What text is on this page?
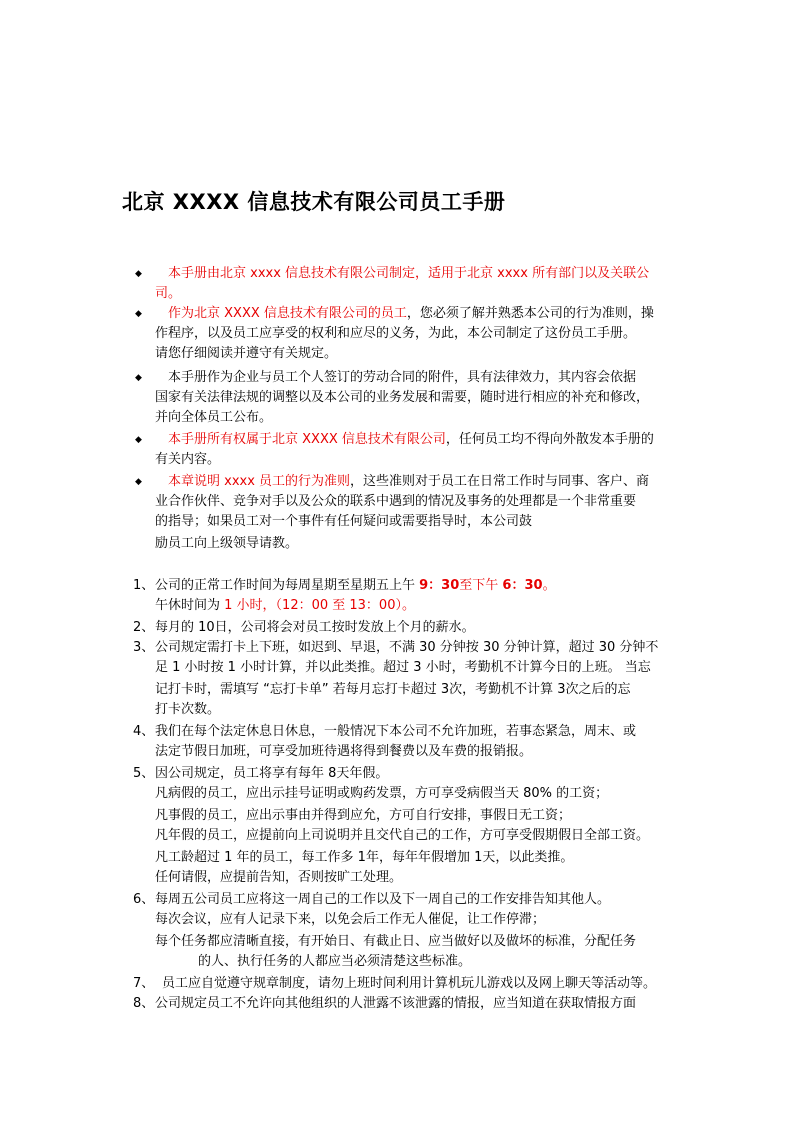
北京 XXXX 信息技术有限公司员工手册
◆ 本手册由北京 xxxx 信息技术有限公司制定，适用于北京 xxxx 所有部门以及关联公
司。
◆ 作为北京 XXXX 信息技术有限公司的员工，您必须了解并熟悉本公司的行为准则，操
作程序，以及员工应享受的权利和应尽的义务，为此，本公司制定了这份员工手册。
请您仔细阅读并遵守有关规定。
◆ 本手册作为企业与员工个人签订的劳动合同的附件，具有法律效力，其内容会依据
国家有关法律法规的调整以及本公司的业务发展和需要，随时进行相应的补充和修改，
并向全体员工公布。
◆ 本手册所有权属于北京 XXXX 信息技术有限公司，任何员工均不得向外散发本手册的
有关内容。
◆ 本章说明 xxxx 员工的行为准则，这些准则对于员工在日常工作时与同事、客户、商
业合作伙伴、竞争对手以及公众的联系中遇到的情况及事务的处理都是一个非常重要
的指导；如果员工对一个事件有任何疑问或需要指导时，本公司鼓
励员工向上级领导请教。
1、 公司的正常工作时间为每周星期至星期五上午 9：30至下午 6：30。
午休时间为 1 小时，（12：00 至 13：00）。
2、 每月的 10日，公司将会对员工按时发放上个月的薪水。
3、 公司规定需打卡上下班，如迟到、早退，不满 30 分钟按 30 分钟计算，超过 30 分钟不
足 1 小时按 1 小时计算，并以此类推。超过 3 小时，考勤机不计算今日的上班。 当忘
记打卡时，需填写 “忘打卡单” 若每月忘打卡超过 3次，考勤机不计算 3次之后的忘
打卡次数。
4、 我们在每个法定休息日休息，一般情况下本公司不允许加班，若事态紧急，周末、或
法定节假日加班，可享受加班待遇将得到餐费以及车费的报销报。
5、 因公司规定，员工将享有每年 8天年假。
凡病假的员工，应出示挂号证明或购药发票，方可享受病假当天 80% 的工资；
凡事假的员工，应出示事由并得到应允，方可自行安排，事假日无工资；
凡年假的员工，应提前向上司说明并且交代自己的工作，方可享受假期假日全部工资。
凡工龄超过 1 年的员工，每工作多 1年，每年年假增加 1天，以此类推。
任何请假，应提前告知，否则按旷工处理。
6、 每周五公司员工应将这一周自己的工作以及下一周自己的工作安排告知其他人。
每次会议，应有人记录下来，以免会后工作无人催促，让工作停滞；
每个任务都应清晰直接，有开始日、有截止日、应当做好以及做坏的标准，分配任务
的人、执行任务的人都应当必须清楚这些标准。
7、 员工应自觉遵守规章制度，请勿上班时间利用计算机玩儿游戏以及网上聊天等活动等。
8、 公司规定员工不允许向其他组织的人泄露不该泄露的情报，应当知道在获取情报方面
